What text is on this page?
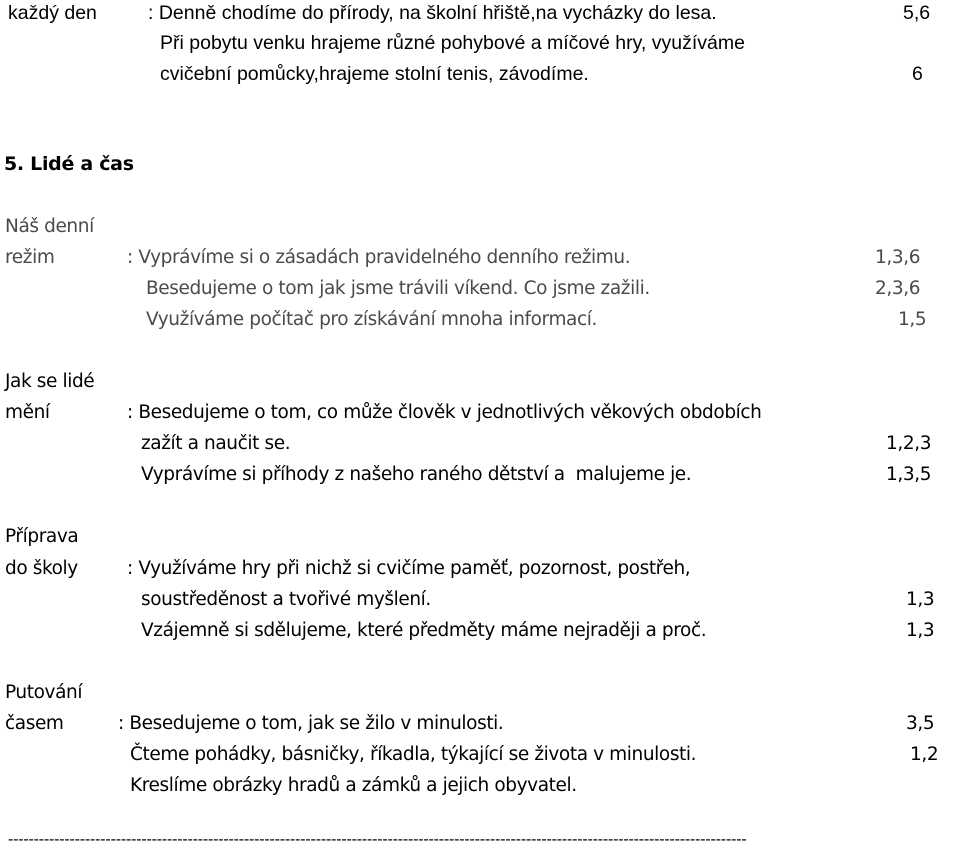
každý den	: Denně chodíme do přírody, na školní hřiště,na vycházky do lesa.	5,6
Při pobytu venku hrajeme různé pohybové a míčové hry, využíváme
cvičební pomůcky,hrajeme stolní tenis, závodíme.	6
5. Lidé a čas
Náš denní
režim	: Vyprávíme si o zásadách pravidelného denního režimu.	1,3,6
Besedujeme o tom jak jsme trávili víkend. Co jsme zažili.	2,3,6
Využíváme počítač pro získávání mnoha informací.	1,5
Jak se lidé
mění	: Besedujeme o tom, co může člověk v jednotlivých věkových obdobích
zažít a naučit se.	1,2,3
Vyprávíme si příhody z našeho raného dětství a  malujeme je.	1,3,5
Příprava
do školy	: Využíváme hry při nichž si cvičíme paměť, pozornost, postřeh,
soustředěnost a tvořivé myšlení.	1,3
Vzájemně si sdělujeme, které předměty máme nejraději a proč.	1,3
Putování
časem	: Besedujeme o tom, jak se žilo v minulosti.	3,5
Čteme pohádky, básničky, říkadla, týkající se života v minulosti.	1,2
Kreslíme obrázky hradů a zámků a jejich obyvatel.
------------------------------------------------------------------------------------------------------------------------------------------------
